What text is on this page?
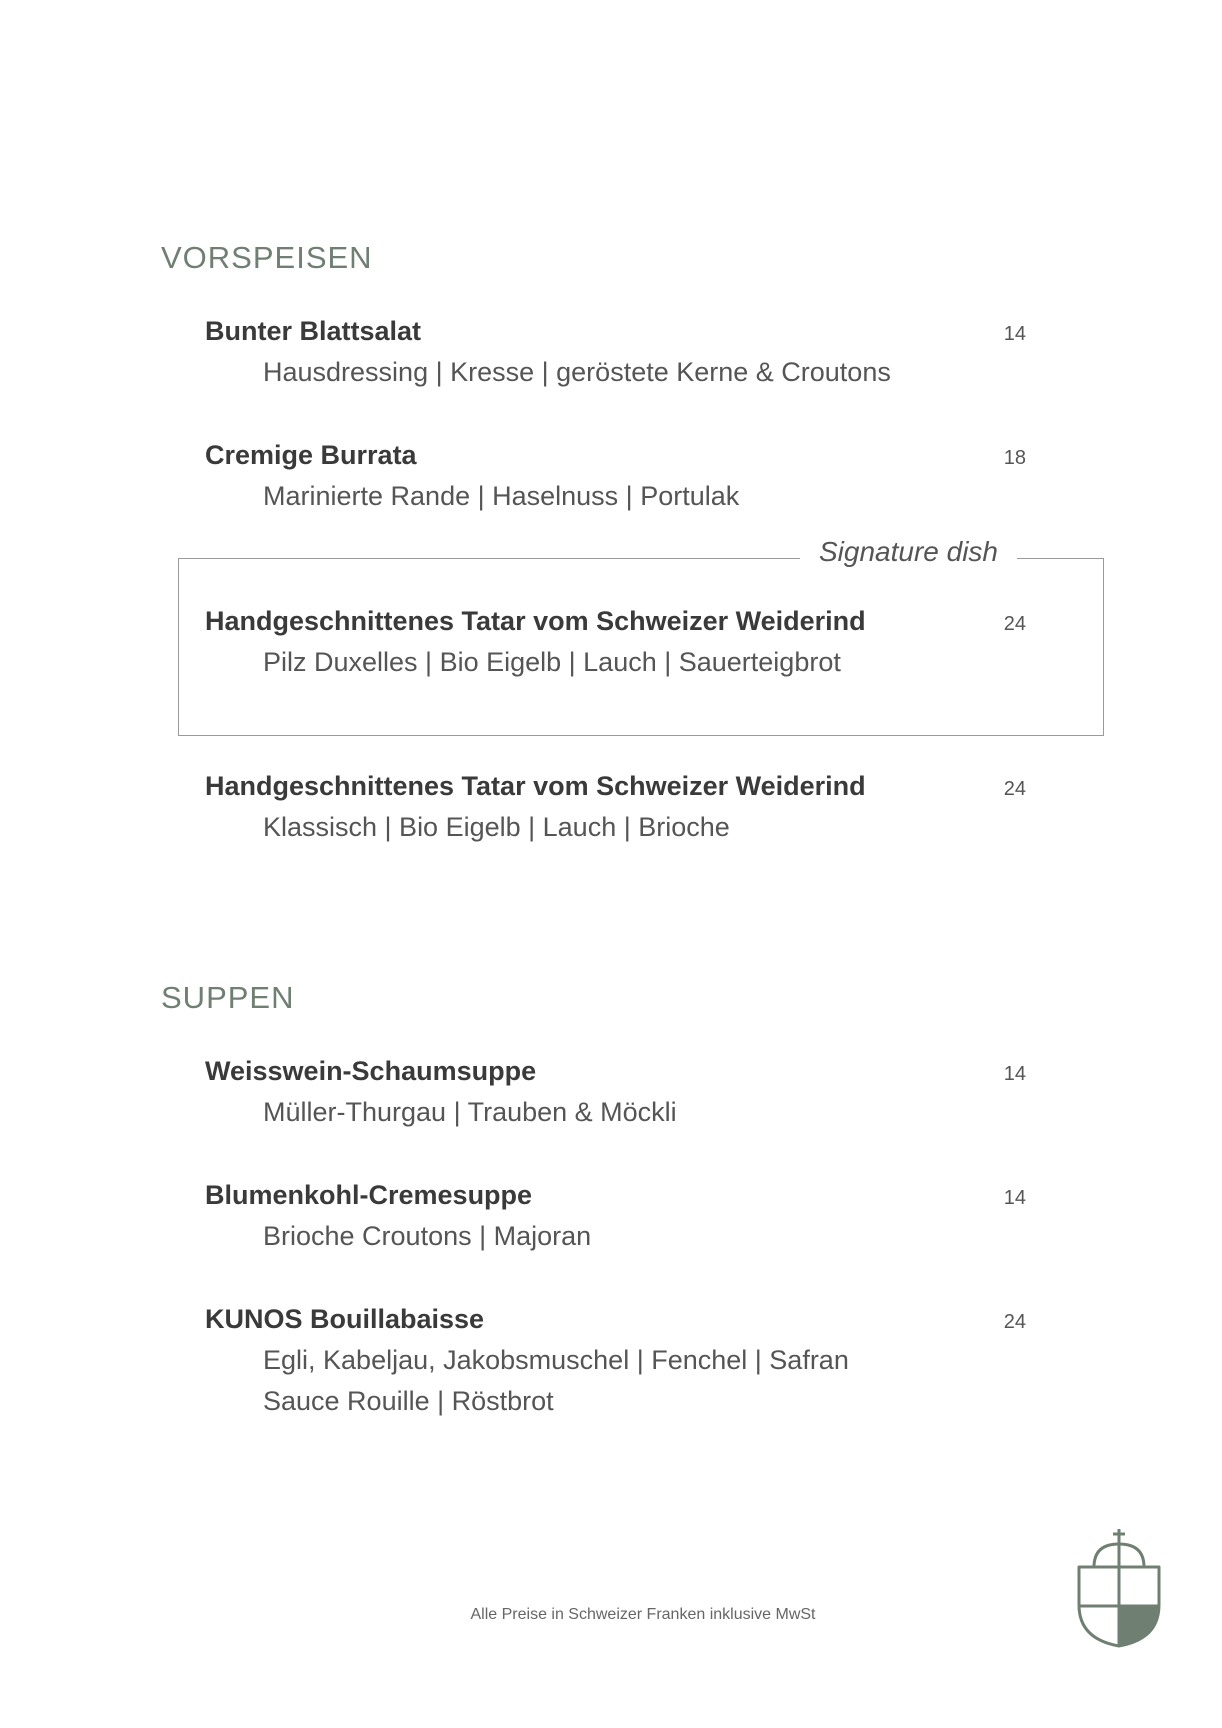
VORSPEISEN
Bunter Blattsalat	14
Hausdressing | Kresse | geröstete Kerne & Croutons
Cremige Burrata	18
Marinierte Rande | Haselnuss | Portulak
Signature dish
Handgeschnittenes Tatar vom Schweizer Weiderind	24
Pilz Duxelles | Bio Eigelb | Lauch | Sauerteigbrot
Handgeschnittenes Tatar vom Schweizer Weiderind	24
Klassisch | Bio Eigelb | Lauch | Brioche
SUPPEN
Weisswein-Schaumsuppe	14
Müller-Thurgau | Trauben & Möckli
Blumenkohl-Cremesuppe	14
Brioche Croutons | Majoran
KUNOS Bouillabaisse	24
Egli, Kabeljau, Jakobsmuschel | Fenchel | Safran
Sauce Rouille | Röstbrot
Alle Preise in Schweizer Franken inklusive MwSt
